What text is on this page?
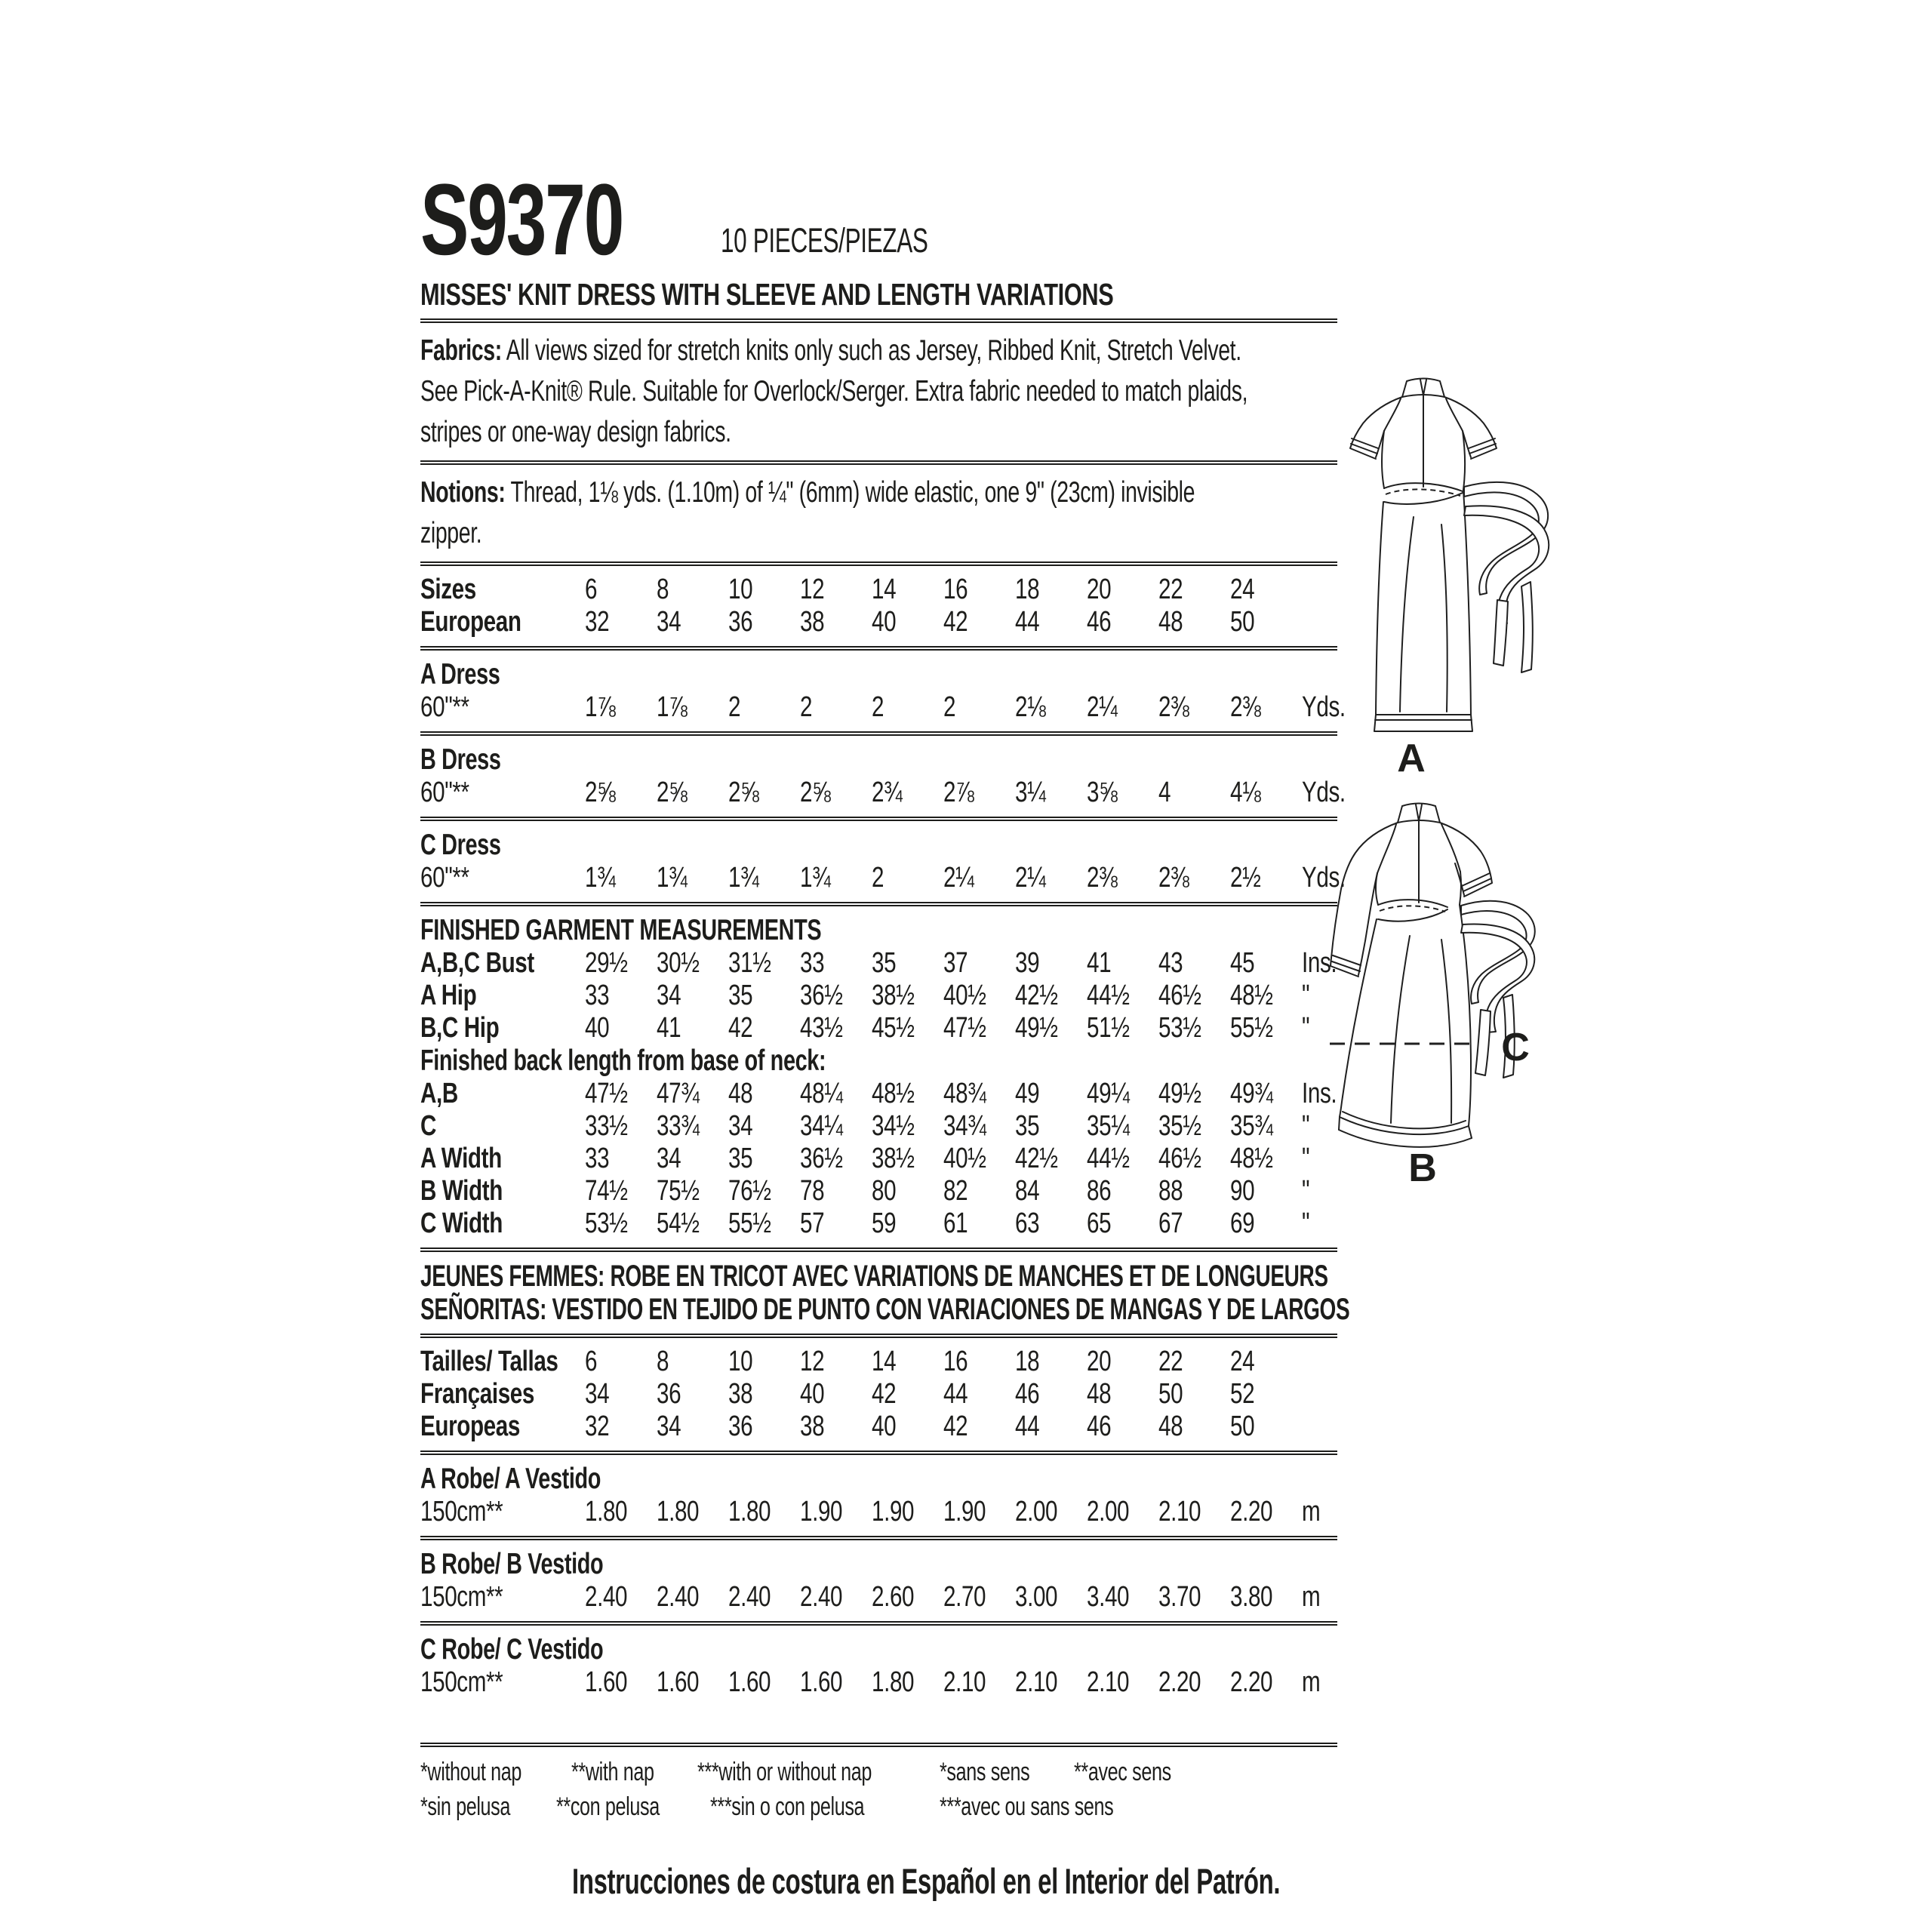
S9370	10 PIECES/PIEZAS
MISSES' KNIT DRESS WITH SLEEVE AND LENGTH VARIATIONS
Fabrics: All views sized for stretch knits only such as Jersey, Ribbed Knit, Stretch Velvet.
See Pick-A-Knit® Rule. Suitable for Overlock/Serger. Extra fabric needed to match plaids,
stripes or one-way design fabrics.
Notions: Thread, 1⅛ yds. (1.10m) of ¼" (6mm) wide elastic, one 9" (23cm) invisible
zipper.
Sizes	6	8	10	12	14	16	18	20	22	24
European	32	34	36	38	40	42	44	46	48	50
A Dress
60"**	1⅞	1⅞	2	2	2	2	2⅛	2¼	2⅜	2⅜	Yds.
B Dress
60"**	2⅝	2⅝	2⅝	2⅝	2¾	2⅞	3¼	3⅝	4	4⅛	Yds.
C Dress
60"**	1¾	1¾	1¾	1¾	2	2¼	2¼	2⅜	2⅜	2½	Yds.
FINISHED GARMENT MEASUREMENTS
A,B,C Bust	29½	30½	31½	33	35	37	39	41	43	45	Ins.
A Hip	33	34	35	36½	38½	40½	42½	44½	46½	48½	"
B,C Hip	40	41	42	43½	45½	47½	49½	51½	53½	55½	"
Finished back length from base of neck:
A,B	47½	47¾	48	48¼	48½	48¾	49	49¼	49½	49¾	Ins.
C	33½	33¾	34	34¼	34½	34¾	35	35¼	35½	35¾	"
A Width	33	34	35	36½	38½	40½	42½	44½	46½	48½	"
B Width	74½	75½	76½	78	80	82	84	86	88	90	"
C Width	53½	54½	55½	57	59	61	63	65	67	69	"
JEUNES FEMMES: ROBE EN TRICOT AVEC VARIATIONS DE MANCHES ET DE LONGUEURS
SEÑORITAS: VESTIDO EN TEJIDO DE PUNTO CON VARIACIONES DE MANGAS Y DE LARGOS
Tailles/ Tallas 6	8	10	12	14	16	18	20	22	24
Françaises	34	36	38	40	42	44	46	48	50	52
Europeas	32	34	36	38	40	42	44	46	48	50
A Robe/ A Vestido
150cm**	1.80	1.80	1.80	1.90	1.90	1.90	2.00	2.00	2.10	2.20	m
B Robe/ B Vestido
150cm**	2.40	2.40	2.40	2.40	2.60	2.70	3.00	3.40	3.70	3.80	m
C Robe/ C Vestido
150cm**	1.60	1.60	1.60	1.60	1.80	2.10	2.10	2.10	2.20	2.20	m
*without nap **with nap ***with or without nap	*sans sens **avec sens ***avec ou sans sens
*sin pelusa **con pelusa ***sin o con pelusa
Instrucciones de costura en Español en el Interior del Patrón.
A
C
B
